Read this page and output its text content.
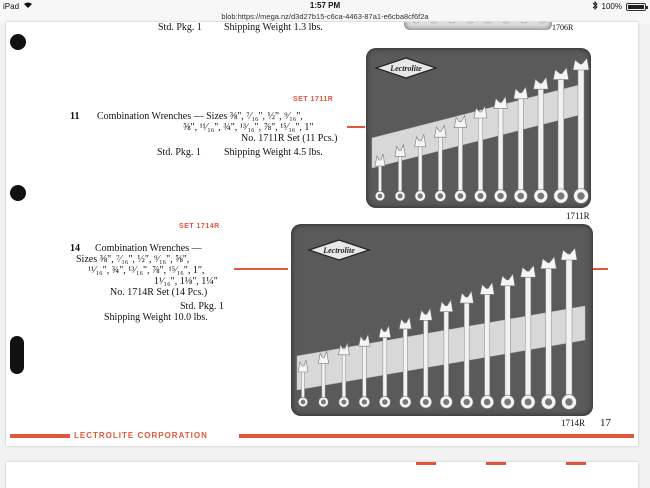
iPad	1:57 PM	100%
blob:https://mega.nz/d3d27b15-c6ca-4463-87a1-e6cba8cf6f2a
Std. Pkg. 1 Shipping Weight 1.3 lbs.	1706R
SET 1711R
11 Combination Wrenches — Sizes ⅜", ⁷⁄₁₆", ½", ⁹⁄₁₆",
⅝", ¹¹⁄₁₆", ¾", ¹³⁄₁₆", ⅞", ¹⁵⁄₁₆", 1"
No. 1711R Set (11 Pcs.)
Std. Pkg. 1 Shipping Weight 4.5 lbs.
Lectrolite
1711R
SET 1714R
14 Combination Wrenches —
Sizes ⅜", ⁷⁄₁₆", ½", ⁹⁄₁₆", ⅝",
¹¹⁄₁₆", ¾", ¹³⁄₁₆", ⅞", ¹⁵⁄₁₆", 1",
1¹⁄₁₆", 1⅛", 1¼"
No. 1714R Set (14 Pcs.)
Std. Pkg. 1
Shipping Weight 10.0 lbs.
Lectrolite
1714R 17
LECTROLITE CORPORATION
